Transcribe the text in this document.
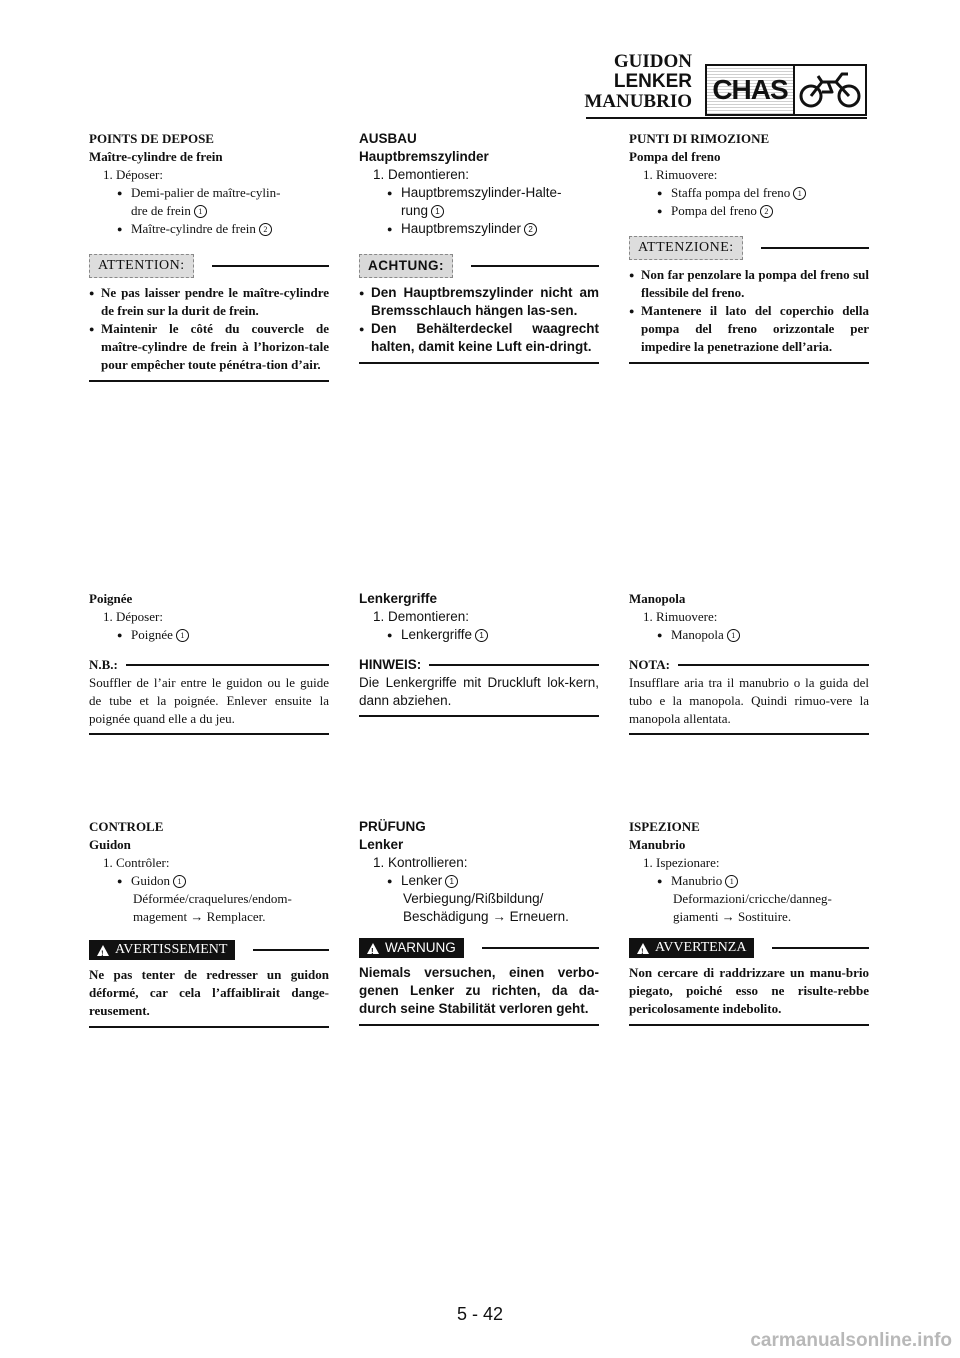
GUIDON
LENKER
MANUBRIO CHAS
POINTS DE DEPOSE
Maître-cylindre de frein
1. Déposer:
● Demi-palier de maître-cylin-
dre de frein 1
● Maître-cylindre de frein 2
ATTENTION:
● Ne pas laisser pendre le maître-cylindre de frein sur la durit de frein.
● Maintenir le côté du couvercle de maître-cylindre de frein à l’horizon-tale pour empêcher toute pénétra-tion d’air.
Poignée
1. Déposer:
● Poignée 1
N.B.:
Souffler de l’air entre le guidon ou le guide de tube et la poignée. Enlever ensuite la poignée quand elle a du jeu.
CONTROLE
Guidon
1. Contrôler:
● Guidon 1
Déformée/craquelures/endom-
magement → Remplacer.
!
AVERTISSEMENT
Ne pas tenter de redresser un guidon déformé, car cela l’affaiblirait dange-reusement.
AUSBAU
Hauptbremszylinder
1. Demontieren:
● Hauptbremszylinder-Halte-
rung 1
● Hauptbremszylinder 2
ACHTUNG:
● Den Hauptbremszylinder nicht am Bremsschlauch hängen las-sen.
● Den Behälterdeckel waagrecht halten, damit keine Luft ein-dringt.
Lenkergriffe
1. Demontieren:
● Lenkergriffe 1
HINWEIS:
Die Lenkergriffe mit Druckluft lok-kern, dann abziehen.
PRÜFUNG
Lenker
1. Kontrollieren:
● Lenker 1
Verbiegung/Rißbildung/
Beschädigung → Erneuern.
!
WARNUNG
Niemals versuchen, einen verbo-genen Lenker zu richten, da da-durch seine Stabilität verloren geht.
PUNTI DI RIMOZIONE
Pompa del freno
1. Rimuovere:
● Staffa pompa del freno 1
● Pompa del freno 2
ATTENZIONE:
● Non far penzolare la pompa del freno sul flessibile del freno.
● Mantenere il lato del coperchio della pompa del freno orizzontale per impedire la penetrazione dell’aria.
Manopola
1. Rimuovere:
● Manopola 1
NOTA:
Insufflare aria tra il manubrio o la guida del tubo e la manopola. Quindi rimuo-vere la manopola allentata.
ISPEZIONE
Manubrio
1. Ispezionare:
● Manubrio 1
Deformazioni/cricche/danneg-
giamenti → Sostituire.
!
AVVERTENZA
Non cercare di raddrizzare un manu-brio piegato, poiché esso ne risulte-rebbe pericolosamente indebolito.
5 - 42
carmanualsonline.info
